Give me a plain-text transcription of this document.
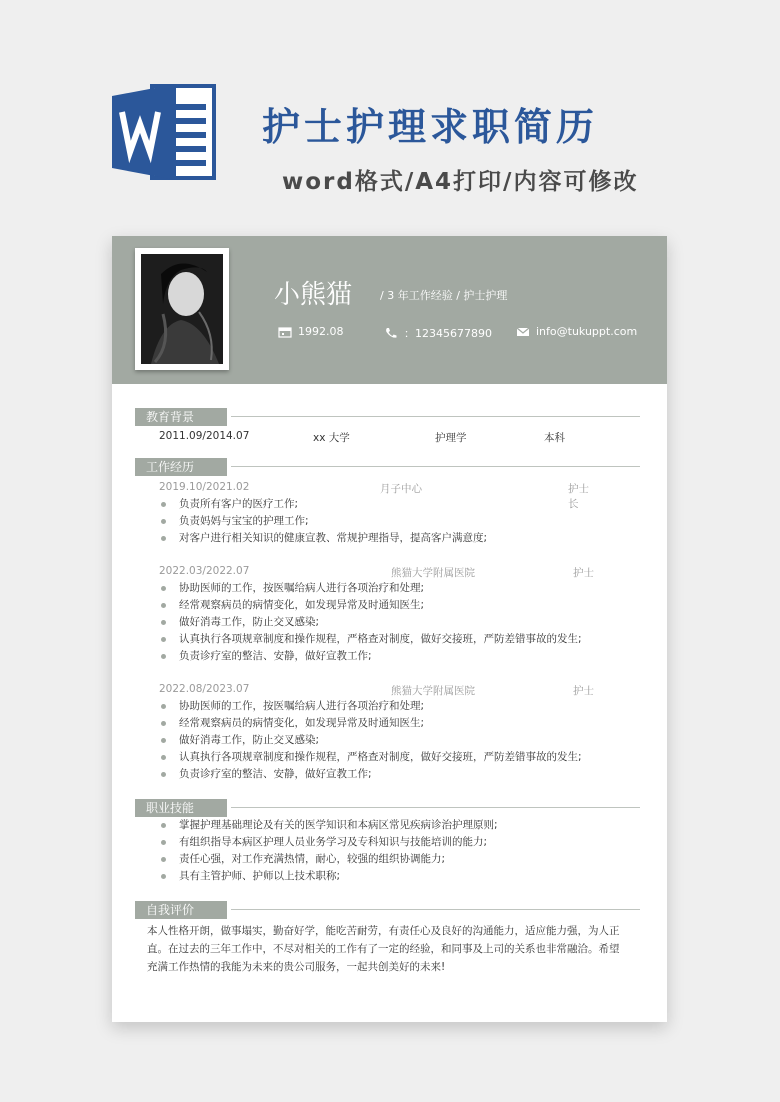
护士护理求职简历
word格式/A4打印/内容可修改
小熊猫	/ 3 年工作经验 / 护士护理
1992.08	：12345677890	info@tukuppt.com
教育背景
2011.09/2014.07	xx 大学	护理学	本科
工作经历
2019.10/2021.02	月子中心	护士长
负责所有客户的医疗工作;
负责妈妈与宝宝的护理工作;
对客户进行相关知识的健康宣教、常规护理指导，提高客户满意度;
2022.03/2022.07	熊猫大学附属医院	护士
协助医师的工作，按医嘱给病人进行各项治疗和处理;
经常观察病员的病情变化，如发现异常及时通知医生;
做好消毒工作，防止交叉感染;
认真执行各项规章制度和操作规程，严格查对制度，做好交接班，严防差错事故的发生;
负责诊疗室的整洁、安静，做好宣教工作;
2022.08/2023.07	熊猫大学附属医院	护士
协助医师的工作，按医嘱给病人进行各项治疗和处理;
经常观察病员的病情变化，如发现异常及时通知医生;
做好消毒工作，防止交叉感染;
认真执行各项规章制度和操作规程，严格查对制度，做好交接班，严防差错事故的发生;
负责诊疗室的整洁、安静，做好宣教工作;
职业技能
掌握护理基础理论及有关的医学知识和本病区常见疾病诊治护理原则;
有组织指导本病区护理人员业务学习及专科知识与技能培训的能力;
责任心强，对工作充满热情，耐心，较强的组织协调能力;
具有主管护师、护师以上技术职称;
自我评价
本人性格开朗，做事塌实，勤奋好学，能吃苦耐劳，有责任心及良好的沟通能力，适应能力强，为人正直。在过去的三年工作中，不尽对相关的工作有了一定的经验，和同事及上司的关系也非常融洽。希望充满工作热情的我能为未来的贵公司服务，一起共创美好的未来!
